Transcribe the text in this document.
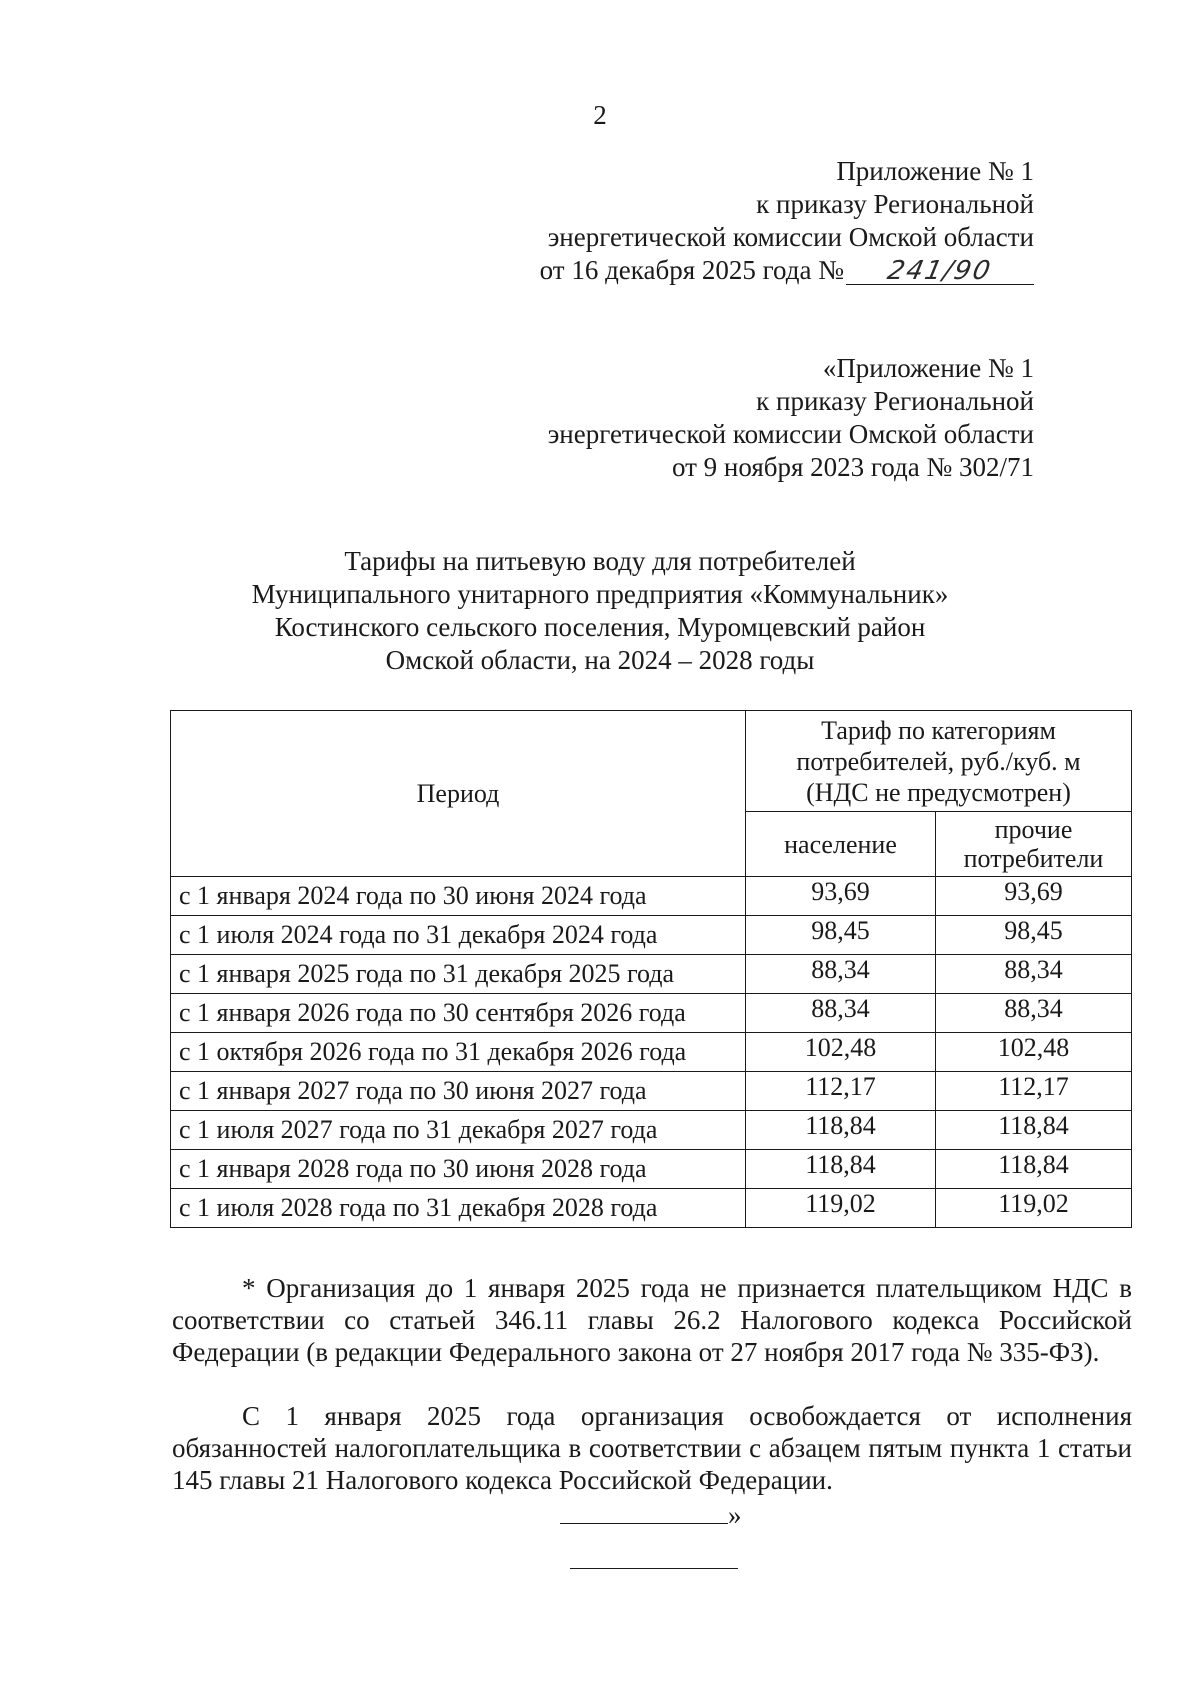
2
Приложение № 1
к приказу Региональной
энергетической комиссии Омской области
от 16 декабря 2025 года № 241/90
«Приложение № 1
к приказу Региональной
энергетической комиссии Омской области
от 9 ноября 2023 года № 302/71
Тарифы на питьевую воду для потребителей
Муниципального унитарного предприятия «Коммунальник»
Костинского сельского поселения, Муромцевский район
Омской области, на 2024 – 2028 годы
Период	Тариф по категориям
потребителей, руб./куб. м
(НДС не предусмотрен)	

	население	прочие
потребители

с 1 января 2024 года по 30 июня 2024 года	93,69	93,69
с 1 июля 2024 года по 31 декабря 2024 года	98,45	98,45
с 1 января 2025 года по 31 декабря 2025 года	88,34	88,34
с 1 января 2026 года по 30 сентября 2026 года	88,34	88,34
с 1 октября 2026 года по 31 декабря 2026 года	102,48	102,48
с 1 января 2027 года по 30 июня 2027 года	112,17	112,17
с 1 июля 2027 года по 31 декабря 2027 года	118,84	118,84
с 1 января 2028 года по 30 июня 2028 года	118,84	118,84
с 1 июля 2028 года по 31 декабря 2028 года	119,02	119,02
* Организация до 1 января 2025 года не признается плательщиком НДС в соответствии со статьей 346.11 главы 26.2 Налогового кодекса Российской Федерации (в редакции Федерального закона от 27 ноября 2017 года № 335-ФЗ).
С 1 января 2025 года организация освобождается от исполнения обязанностей налогоплательщика в соответствии с абзацем пятым пункта 1 статьи 145 главы 21 Налогового кодекса Российской Федерации.
»
